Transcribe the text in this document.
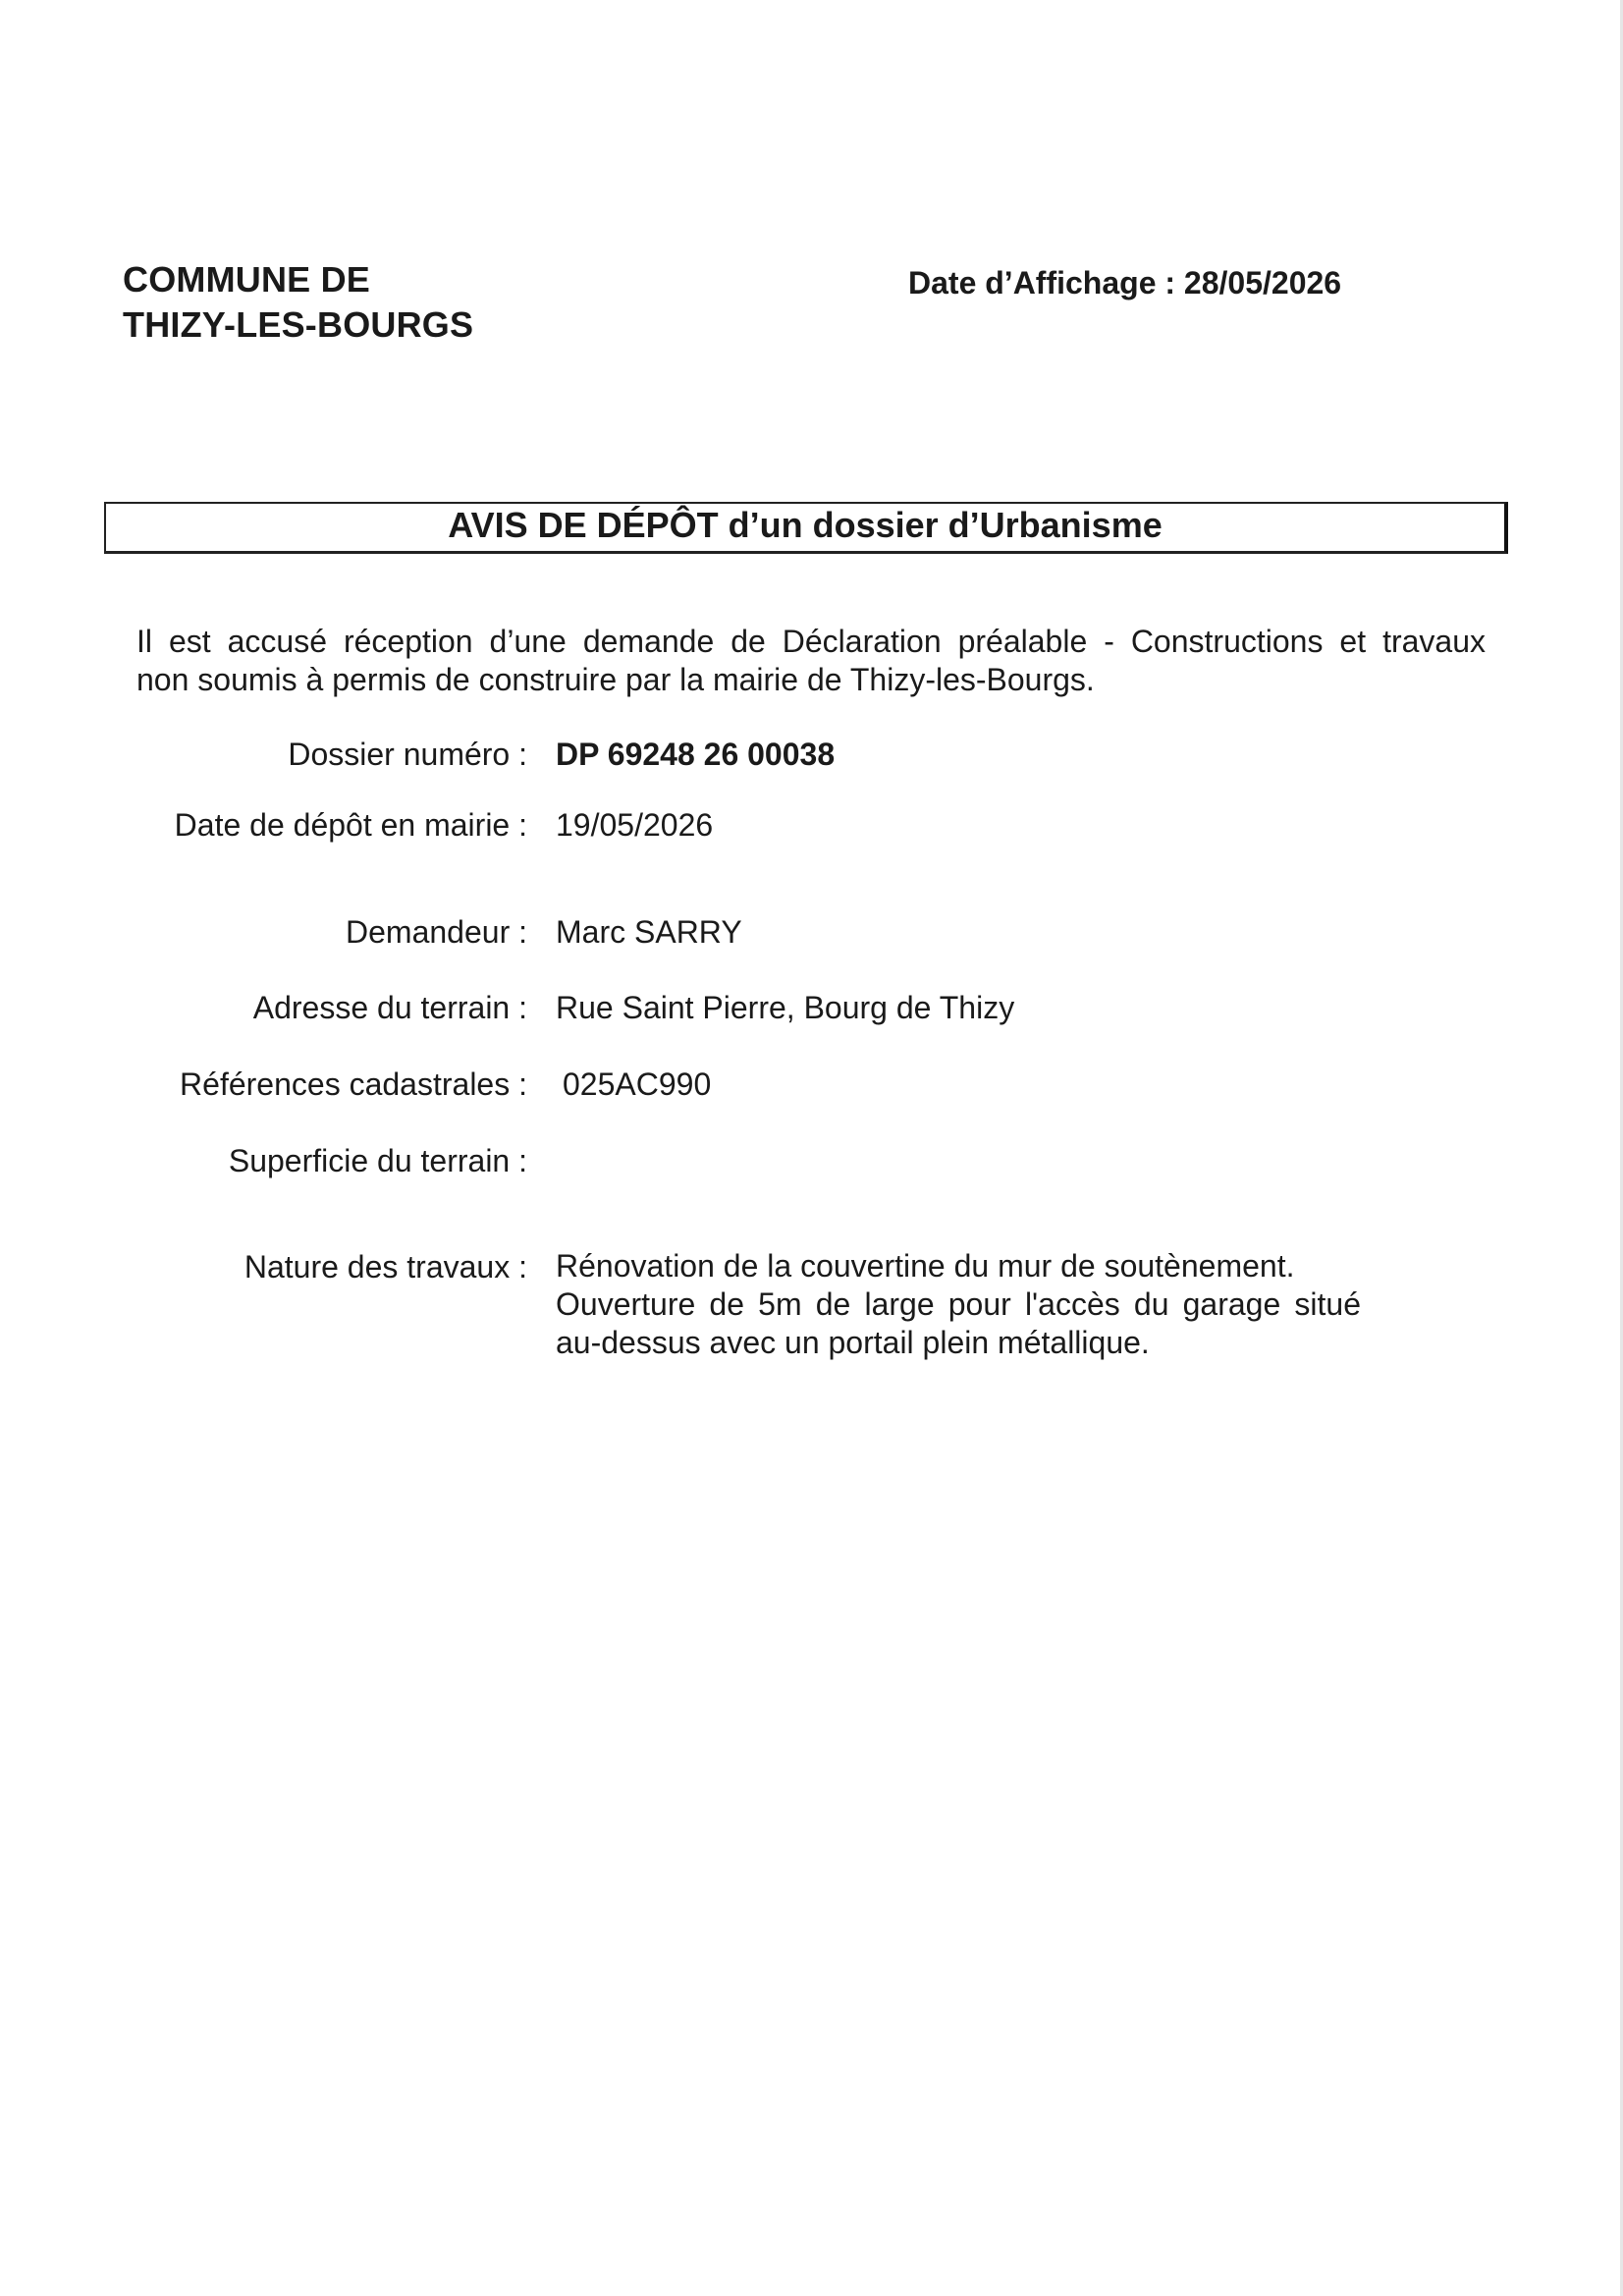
COMMUNE DE
THIZY-LES-BOURGS
Date d’Affichage : 28/05/2026
AVIS DE DÉPÔT d’un dossier d’Urbanisme
Il est accusé réception d’une demande de Déclaration préalable - Constructions et travaux
non soumis à permis de construire par la mairie de Thizy-les-Bourgs.
Dossier numéro : DP 69248 26 00038
Date de dépôt en mairie : 19/05/2026
Demandeur : Marc SARRY
Adresse du terrain : Rue Saint Pierre, Bourg de Thizy
Références cadastrales : 025AC990
Superficie du terrain :
Nature des travaux : Rénovation de la couvertine du mur de soutènement.
Ouverture de 5m de large pour l'accès du garage situé
au-dessus avec un portail plein métallique.
